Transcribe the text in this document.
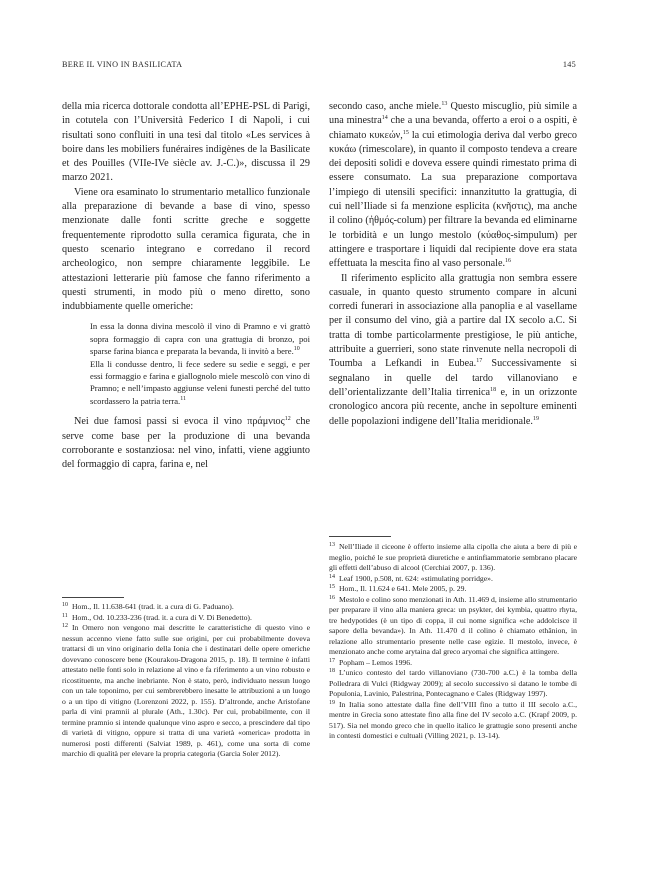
BERE IL VINO IN BASILICATA	145

della mia ricerca dottorale condotta all’EPHE-PSL di Parigi, in cotutela con l’Università Federico I di Napoli, i cui risultati sono confluiti in una tesi dal titolo «Les services à boire dans les mobiliers funéraires indigènes de la Basilicate et des Pouilles (VIIe-IVe siècle av. J.-C.)», discussa il 29 marzo 2021.

Viene ora esaminato lo strumentario metallico funzionale alla preparazione di bevande a base di vino, spesso menzionate dalle fonti scritte greche e soggette frequentemente riprodotto sulla ceramica figurata, che in questo scenario integrano e corredano il record archeologico, non sempre chiaramente leggibile. Le attestazioni letterarie più famose che fanno riferimento a questi strumenti, in modo più o meno diretto, sono indubbiamente quelle omeriche:

In essa la donna divina mescolò il vino di Pramno e vi grattò sopra formaggio di capra con una grattugia di bronzo, poi sparse farina bianca e preparata la bevanda, li invitò a bere.$^{10}$

Ella li condusse dentro, li fece sedere su sedie e seggi, e per essi formaggio e farina e giallognolo miele mescolò con vino di Pramno; e nell’impasto aggiunse veleni funesti perché del tutto scordassero la patria terra.$^{11}$

Nei due famosi passi si evoca il vino πράμνιος$^{12}$ che serve come base per la produzione di una bevanda corroborante e sostanziosa: nel vino, infatti, viene aggiunto del formaggio di capra, farina e, nel

secondo caso, anche miele.$^{13}$ Questo miscuglio, più simile a una minestra$^{14}$ che a una bevanda, offerto a eroi o a ospiti, è chiamato κυκεών,$^{15}$ la cui etimologia deriva dal verbo greco κυκάω (rimescolare), in quanto il composto tendeva a creare dei depositi solidi e doveva essere quindi rimestato prima di essere consumato. La sua preparazione comportava l’impiego di utensili specifici: innanzitutto la grattugia, di cui nell’Iliade si fa menzione esplicita (κνῆστις), ma anche il colino (ἠθμός-colum) per filtrare la bevanda ed eliminarne le torbidità e un lungo mestolo (κύαθος-simpulum) per attingere e trasportare i liquidi dal recipiente dove era stata effettuata la mescita fino al vaso personale.$^{16}$

Il riferimento esplicito alla grattugia non sembra essere casuale, in quanto questo strumento compare in alcuni corredi funerari in associazione alla panoplia e al vasellame per il consumo del vino, già a partire dal IX secolo a.C. Si tratta di tombe particolarmente prestigiose, le più antiche, attribuite a guerrieri, sono state rinvenute nella necropoli di Toumba a Lefkandi in Eubea.$^{17}$ Successivamente si segnalano in quelle del tardo villanoviano e dell’orientalizzante dell’Italia tirrenica$^{18}$ e, in un orizzonte cronologico ancora più recente, anche in sepolture eminenti delle popolazioni indigene dell’Italia meridionale.$^{19}$

13 Nell’Iliade il ciceone è offerto insieme alla cipolla che aiuta a bere di più e meglio, poiché le sue proprietà diuretiche e antinfiammatorie sembrano placare gli effetti dell’abuso di alcool (Cerchiai 2007, p. 136).

14 Leaf 1900, p.508, nt. 624: «stimulating porridge».

15 Hom., Il. 11.624 e 641. Mele 2005, p. 29.

16 Mestolo e colino sono menzionati in Ath. 11.469 d, insieme allo strumentario per preparare il vino alla maniera greca: un psykter, dei kymbia, quattro rhyta, tre hedypotides (è un tipo di coppa, il cui nome significa «che addolcisce il sapore della bevanda»). In Ath. 11.470 d il colino è chiamato ethânion, in relazione allo strumentario presente nelle case egizie. Il mestolo, invece, è menzionato anche come arytaina dal greco aryomai che significa attingere.

17 Popham – Lemos 1996.

18 L’unico contesto del tardo villanoviano (730-700 a.C.) è la tomba della Polledrara di Vulci (Ridgway 2009); al secolo successivo si datano le tombe di Populonia, Lavinio, Palestrina, Pontecagnano e Cales (Ridgway 1997).

19 In Italia sono attestate dalla fine dell’VIII fino a tutto il III secolo a.C., mentre in Grecia sono attestate fino alla fine del IV secolo a.C. (Krapf 2009, p. 517). Sia nel mondo greco che in quello italico le grattugie sono presenti anche in contesti domestici e cultuali (Villing 2021, p. 13-14).

10 Hom., Il. 11.638-641 (trad. it. a cura di G. Paduano).

11 Hom., Od. 10.233-236 (trad. it. a cura di V. Di Benedetto).

12 In Omero non vengono mai descritte le caratteristiche di questo vino e nessun accenno viene fatto sulle sue origini, per cui probabilmente doveva trattarsi di un vino originario della Ionia che i destinatari delle opere omeriche dovevano conoscere bene (Kourakou-Dragona 2015, p. 18). Il termine è infatti attestato nelle fonti solo in relazione al vino e fa riferimento a un vino robusto e ricostituente, ma anche inebriante. Non è stato, però, individuato nessun luogo con un tale toponimo, per cui sembrerebbero inesatte le attribuzioni a un luogo o a un tipo di vitigno (Lorenzoni 2022, p. 155). D’altronde, anche Aristofane parla di vini pramnii al plurale (Ath., 1.30c). Per cui, probabilmente, con il termine pramnio si intende qualunque vino aspro e secco, a prescindere dal tipo di varietà di vitigno, oppure si tratta di una varietà «omerica» prodotta in numerosi posti differenti (Salviat 1989, p. 461), come una sorta di come marchio di qualità per elevare la propria categoria (Garcia Soler 2012).
